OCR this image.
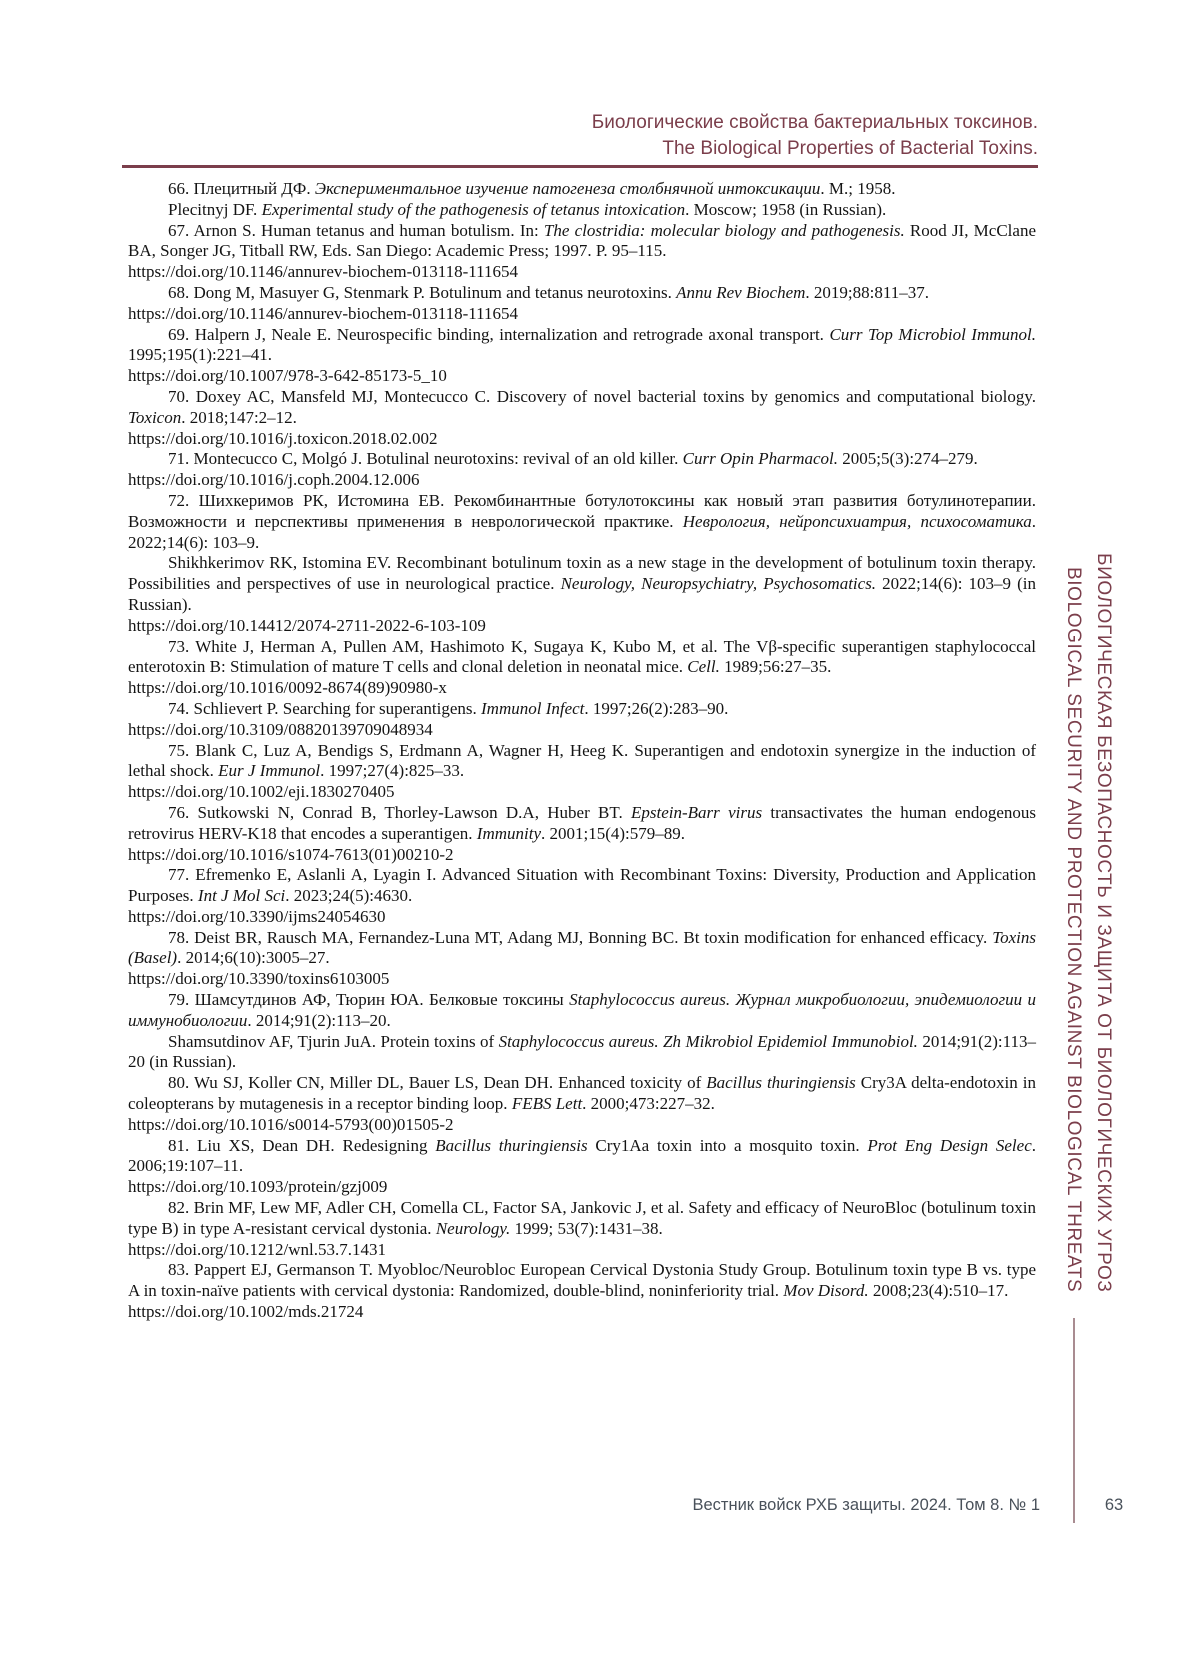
Биологические свойства бактериальных токсинов.
The Biological Properties of Bacterial Toxins.

66. Плецитный ДФ. Экспериментальное изучение патогенеза столбнячной интоксикации. М.; 1958.

Plecitnyj DF. Experimental study of the pathogenesis of tetanus intoxication. Moscow; 1958 (in Russian).

67. Arnon S. Human tetanus and human botulism. In: The clostridia: molecular biology and pathogenesis. Rood JI, McClane BA, Songer JG, Titball RW, Eds. San Diego: Academic Press; 1997. P. 95–115.

https://doi.org/10.1146/annurev-biochem-013118-111654

68. Dong M, Masuyer G, Stenmark P. Botulinum and tetanus neurotoxins. Annu Rev Biochem. 2019;88:811–37.

https://doi.org/10.1146/annurev-biochem-013118-111654

69. Halpern J, Neale E. Neurospecific binding, internalization and retrograde axonal transport. Curr Top Microbiol Immunol. 1995;195(1):221–41.

https://doi.org/10.1007/978-3-642-85173-5_10

70. Doxey AC, Mansfeld MJ, Montecucco C. Discovery of novel bacterial toxins by genomics and computational biology. Toxicon. 2018;147:2–12.

https://doi.org/10.1016/j.toxicon.2018.02.002

71. Montecucco C, Molgó J. Botulinal neurotoxins: revival of an old killer. Curr Opin Pharmacol. 2005;5(3):274–279.

https://doi.org/10.1016/j.coph.2004.12.006

72. Шихкеримов РК, Истомина ЕВ. Рекомбинантные ботулотоксины как новый этап развития ботулинотерапии. Возможности и перспективы применения в неврологической практике. Неврология, нейропсихиатрия, психосоматика. 2022;14(6): 103–9.

Shikhkerimov RK, Istomina EV. Recombinant botulinum toxin as a new stage in the development of botulinum toxin therapy. Possibilities and perspectives of use in neurological practice. Neurology, Neuropsychiatry, Psychosomatics. 2022;14(6): 103–9 (in Russian).

https://doi.org/10.14412/2074-2711-2022-6-103-109

73. White J, Herman A, Pullen AM, Hashimoto K, Sugaya K, Kubo M, et al. The Vβ-specific superantigen staphylococcal enterotoxin B: Stimulation of mature T cells and clonal deletion in neonatal mice. Cell. 1989;56:27–35.

https://doi.org/10.1016/0092-8674(89)90980-x

74. Schlievert P. Searching for superantigens. Immunol Infect. 1997;26(2):283–90.

https://doi.org/10.3109/08820139709048934

75. Blank C, Luz A, Bendigs S, Erdmann A, Wagner H, Heeg K. Superantigen and endotoxin synergize in the induction of lethal shock. Eur J Immunol. 1997;27(4):825–33.

https://doi.org/10.1002/eji.1830270405

76. Sutkowski N, Conrad B, Thorley-Lawson D.A, Huber BT. Epstein-Barr virus transactivates the human endogenous retrovirus HERV-K18 that encodes a superantigen. Immunity. 2001;15(4):579–89.

https://doi.org/10.1016/s1074-7613(01)00210-2

77. Efremenko E, Aslanli A, Lyagin I. Advanced Situation with Recombinant Toxins: Diversity, Production and Application Purposes. Int J Mol Sci. 2023;24(5):4630.

https://doi.org/10.3390/ijms24054630

78. Deist BR, Rausch MA, Fernandez-Luna MT, Adang MJ, Bonning BC. Bt toxin modification for enhanced efficacy. Toxins (Basel). 2014;6(10):3005–27.

https://doi.org/10.3390/toxins6103005

79. Шамсутдинов АФ, Тюрин ЮА. Белковые токсины Staphylococcus aureus. Журнал микробиологии, эпидемиологии и иммунобиологии. 2014;91(2):113–20.

Shamsutdinov AF, Tjurin JuA. Protein toxins of Staphylococcus aureus. Zh Mikrobiol Epidemiol Immunobiol. 2014;91(2):113–20 (in Russian).

80. Wu SJ, Koller CN, Miller DL, Bauer LS, Dean DH. Enhanced toxicity of Bacillus thuringiensis Cry3A delta-endotoxin in coleopterans by mutagenesis in a receptor binding loop. FEBS Lett. 2000;473:227–32.

https://doi.org/10.1016/s0014-5793(00)01505-2

81. Liu XS, Dean DH. Redesigning Bacillus thuringiensis Cry1Aa toxin into a mosquito toxin. Prot Eng Design Selec. 2006;19:107–11.

https://doi.org/10.1093/protein/gzj009

82. Brin MF, Lew MF, Adler CH, Comella CL, Factor SA, Jankovic J, et al. Safety and efficacy of NeuroBloc (botulinum toxin type B) in type A-resistant cervical dystonia. Neurology. 1999; 53(7):1431–38.

https://doi.org/10.1212/wnl.53.7.1431

83. Pappert EJ, Germanson T. Myobloc/Neurobloc European Cervical Dystonia Study Group. Botulinum toxin type B vs. type A in toxin-naïve patients with cervical dystonia: Randomized, double-blind, noninferiority trial. Mov Disord. 2008;23(4):510–17.

https://doi.org/10.1002/mds.21724

БИОЛОГИЧЕСКАЯ БЕЗОПАСНОСТЬ И ЗАЩИТА ОТ БИОЛОГИЧЕСКИХ УГРОЗ
BIOLOGICAL SECURITY AND PROTECTION AGAINST BIOLOGICAL THREATS
Вестник войск РХБ защиты. 2024. Том 8. № 1	63
